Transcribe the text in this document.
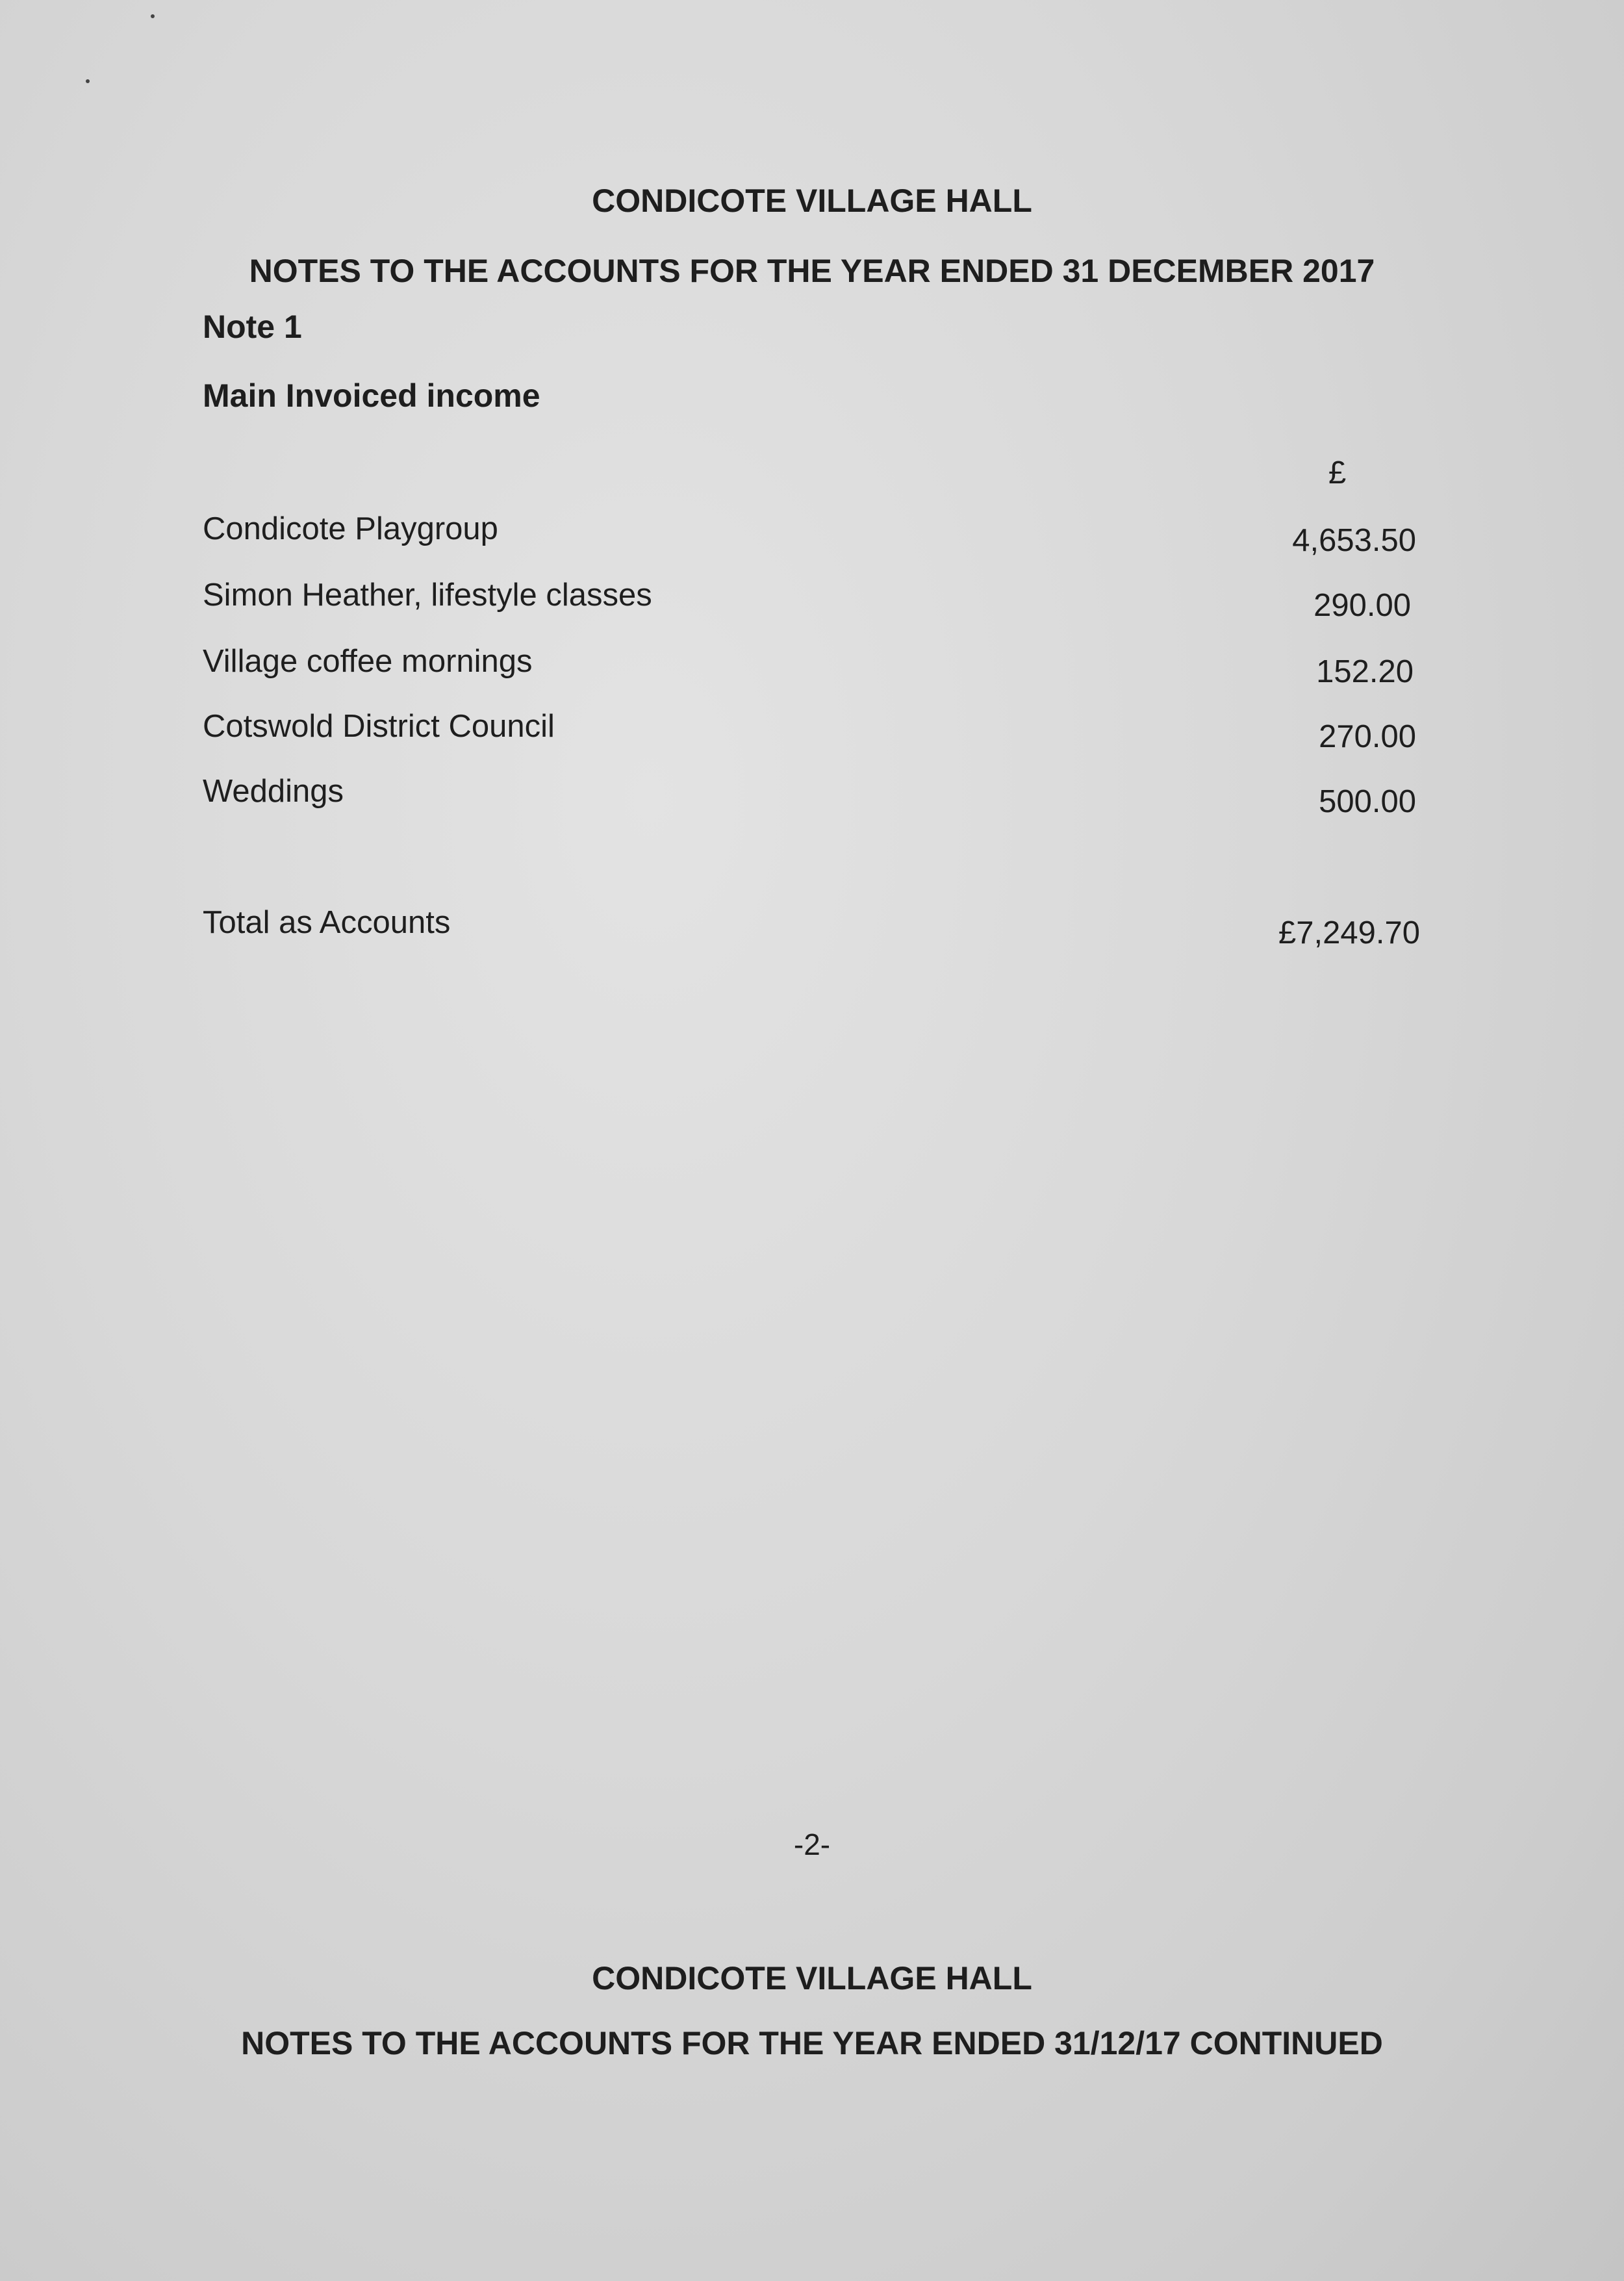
CONDICOTE VILLAGE HALL
NOTES TO THE ACCOUNTS FOR THE YEAR ENDED 31 DECEMBER 2017
Note 1
Main Invoiced income
£
Condicote Playgroup	4,653.50
Simon Heather, lifestyle classes	290.00
Village coffee mornings	152.20
Cotswold District Council	270.00
Weddings	500.00
Total as Accounts	£7,249.70
-2-
CONDICOTE VILLAGE HALL
NOTES TO THE ACCOUNTS FOR THE YEAR ENDED 31/12/17 CONTINUED
